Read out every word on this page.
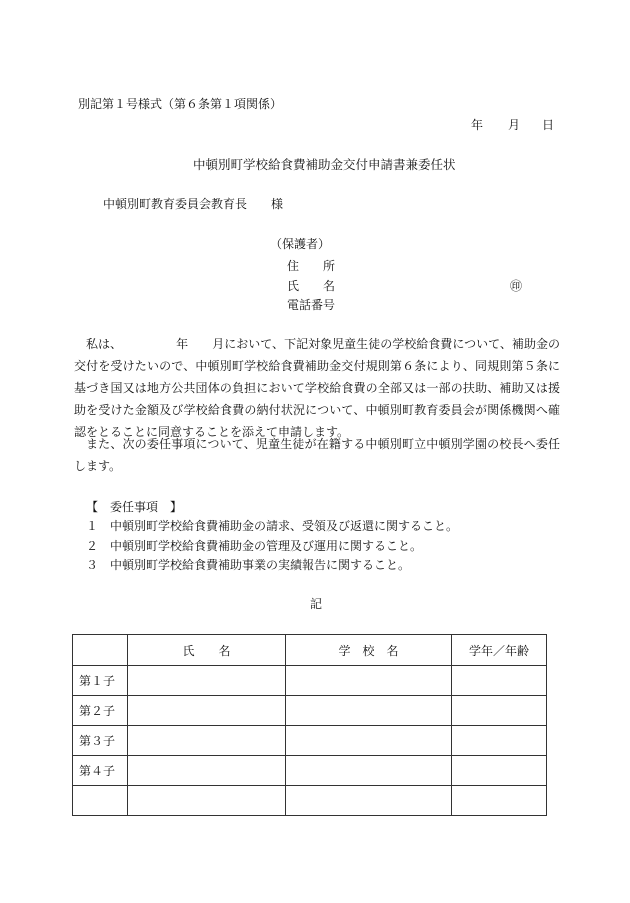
別記第１号様式（第６条第１項関係）
年 月 日
中頓別町学校給食費補助金交付申請書兼委任状
中頓別町教育委員会教育長　　様
（保護者）
住　　所
氏　　名	㊞
電話番号
私は、　　　　　年　　月において、下記対象児童生徒の学校給食費について、補助金の交付を受けたいので、中頓別町学校給食費補助金交付規則第６条により、同規則第５条に基づき国又は地方公共団体の負担において学校給食費の全部又は一部の扶助、補助又は援助を受けた金額及び学校給食費の納付状況について、中頓別町教育委員会が関係機関へ確認をとることに同意することを添えて申請します。
また、次の委任事項について、児童生徒が在籍する中頓別町立中頓別学園の校長へ委任します。
【　委任事項　】
１　中頓別町学校給食費補助金の請求、受領及び返還に関すること。
２　中頓別町学校給食費補助金の管理及び運用に関すること。
３　中頓別町学校給食費補助事業の実績報告に関すること。
記
	氏　　名	学　校　名	学年／年齢
第１子			
第２子			
第３子			
第４子			
